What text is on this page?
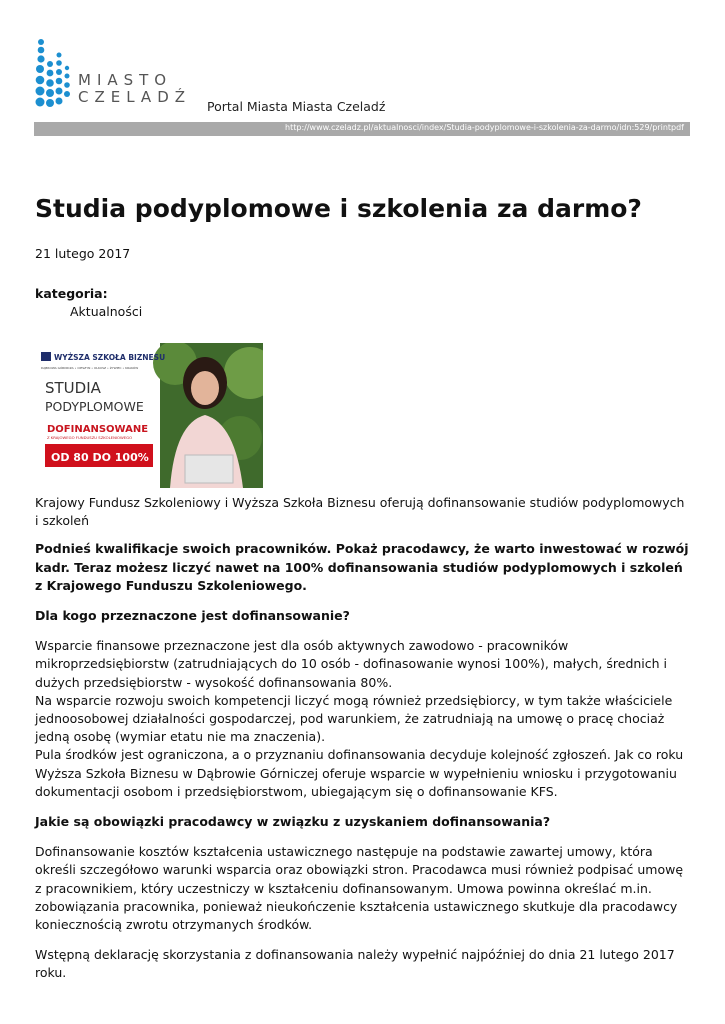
MIASTO
CZELADŹ
Portal Miasta Miasta Czeladź
http://www.czeladz.pl/aktualnosci/index/Studia-podyplomowe-i-szkolenia-za-darmo/idn:529/printpdf
Studia podyplomowe i szkolenia za darmo?
21 lutego 2017
kategoria:
Aktualności
WYŻSZA SZKOŁA BIZNESU
DĄBROWA GÓRNICZA • CIESZYN • OLKUSZ • ŻYWIEC • KRAKÓW
STUDIA
PODYPLOMOWE
DOFINANSOWANE
Z KRAJOWEGO FUNDUSZU SZKOLENIOWEGO
OD 80 DO 100%

Krajowy Fundusz Szkoleniowy i Wyższa Szkoła Biznesu oferują dofinansowanie studiów podyplomowych i szkoleń

Podnieś kwalifikacje swoich pracowników. Pokaż pracodawcy, że warto inwestować w rozwój kadr. Teraz możesz liczyć nawet na 100% dofinansowania studiów podyplomowych i szkoleń z Krajowego Funduszu Szkoleniowego.

Dla kogo przeznaczone jest dofinansowanie?

Wsparcie finansowe przeznaczone jest dla osób aktywnych zawodowo - pracowników mikroprzedsiębiorstw (zatrudniających do 10 osób - dofinasowanie wynosi 100%), małych, średnich i dużych przedsiębiorstw - wysokość dofinansowania 80%.

Na wsparcie rozwoju swoich kompetencji liczyć mogą również przedsiębiorcy, w tym także właściciele jednoosobowej działalności gospodarczej, pod warunkiem, że zatrudniają na umowę o pracę chociaż jedną osobę (wymiar etatu nie ma znaczenia).

Pula środków jest ograniczona, a o przyznaniu dofinansowania decyduje kolejność zgłoszeń. Jak co roku Wyższa Szkoła Biznesu w Dąbrowie Górniczej oferuje wsparcie w wypełnieniu wniosku i przygotowaniu dokumentacji osobom i przedsiębiorstwom, ubiegającym się o dofinansowanie KFS.

Jakie są obowiązki pracodawcy w związku z uzyskaniem dofinansowania?

Dofinansowanie kosztów kształcenia ustawicznego następuje na podstawie zawartej umowy, która określi szczegółowo warunki wsparcia oraz obowiązki stron. Pracodawca musi również podpisać umowę z pracownikiem, który uczestniczy w kształceniu dofinansowanym. Umowa powinna określać m.in. zobowiązania pracownika, ponieważ nieukończenie kształcenia ustawicznego skutkuje dla pracodawcy koniecznością zwrotu otrzymanych środków.

Wstępną deklarację skorzystania z dofinansowania należy wypełnić najpóźniej do dnia 21 lutego 2017 roku.
